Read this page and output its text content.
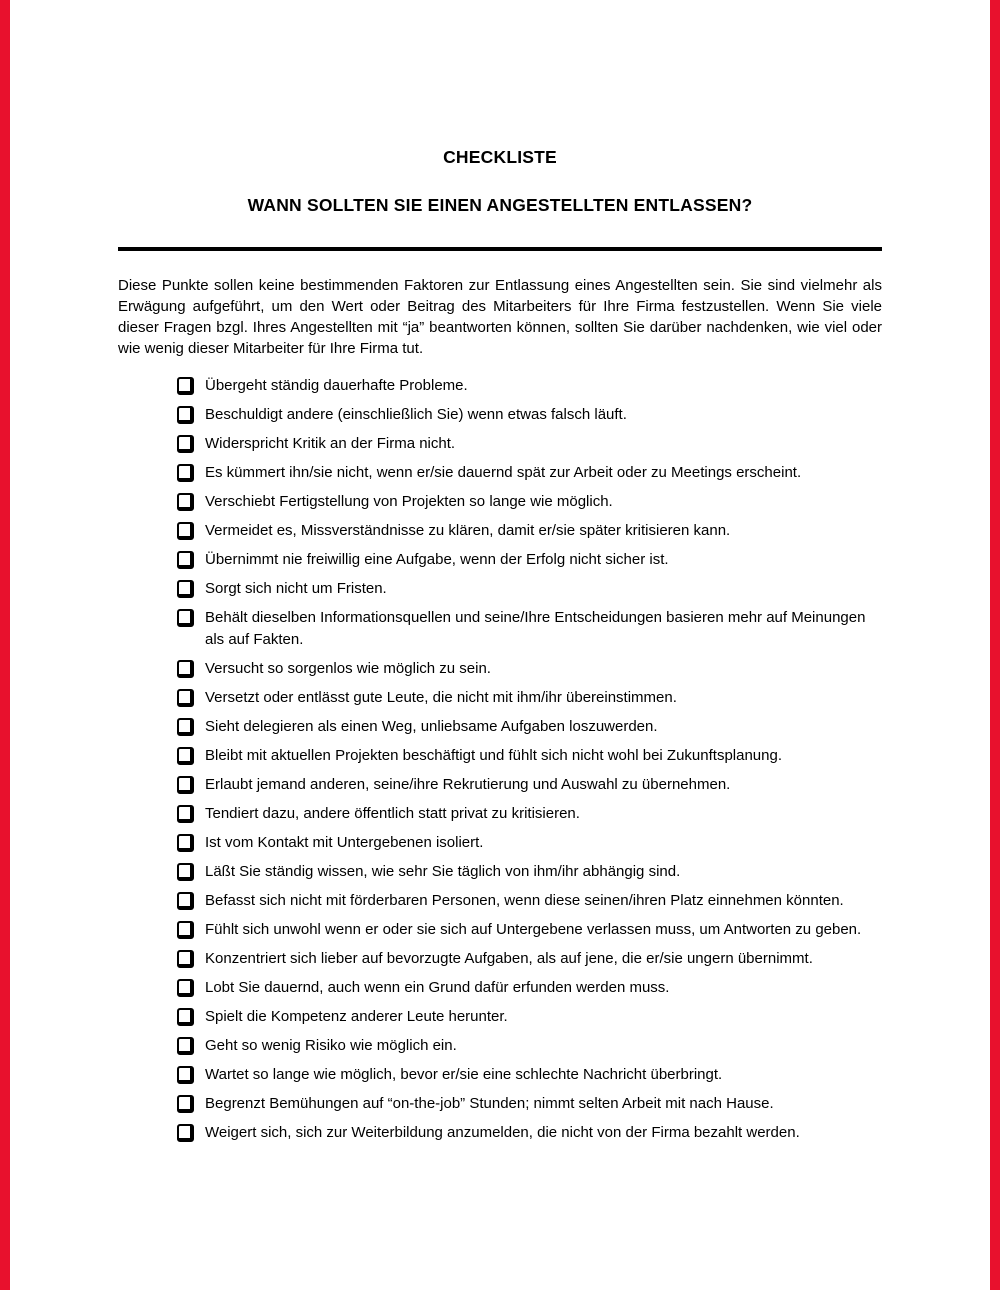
CHECKLISTE
WANN SOLLTEN SIE EINEN ANGESTELLTEN ENTLASSEN?

Diese Punkte sollen keine bestimmenden Faktoren zur Entlassung eines Angestellten sein. Sie sind vielmehr als Erwägung aufgeführt, um den Wert oder Beitrag des Mitarbeiters für Ihre Firma festzustellen. Wenn Sie viele dieser Fragen bzgl. Ihres Angestellten mit “ja” beantworten können, sollten Sie darüber nachdenken, wie viel oder wie wenig dieser Mitarbeiter für Ihre Firma tut.

Übergeht ständig dauerhafte Probleme.
Beschuldigt andere (einschließlich Sie) wenn etwas falsch läuft.
Widerspricht Kritik an der Firma nicht.
Es kümmert ihn/sie nicht, wenn er/sie dauernd spät zur Arbeit oder zu Meetings erscheint.
Verschiebt Fertigstellung von Projekten so lange wie möglich.
Vermeidet es, Missverständnisse zu klären, damit er/sie später kritisieren kann.
Übernimmt nie freiwillig eine Aufgabe, wenn der Erfolg nicht sicher ist.
Sorgt sich nicht um Fristen.
Behält dieselben Informationsquellen und seine/Ihre Entscheidungen basieren mehr auf Meinungen als auf Fakten.
Versucht so sorgenlos wie möglich zu sein.
Versetzt oder entlässt gute Leute, die nicht mit ihm/ihr übereinstimmen.
Sieht delegieren als einen Weg, unliebsame Aufgaben loszuwerden.
Bleibt mit aktuellen Projekten beschäftigt und fühlt sich nicht wohl bei Zukunftsplanung.
Erlaubt jemand anderen, seine/ihre Rekrutierung und Auswahl zu übernehmen.
Tendiert dazu, andere öffentlich statt privat zu kritisieren.
Ist vom Kontakt mit Untergebenen isoliert.
Läßt Sie ständig wissen, wie sehr Sie täglich von ihm/ihr abhängig sind.
Befasst sich nicht mit förderbaren Personen, wenn diese seinen/ihren Platz einnehmen könnten.
Fühlt sich unwohl wenn er oder sie sich auf Untergebene verlassen muss, um Antworten zu geben.
Konzentriert sich lieber auf bevorzugte Aufgaben, als auf jene, die er/sie ungern übernimmt.
Lobt Sie dauernd, auch wenn ein Grund dafür erfunden werden muss.
Spielt die Kompetenz anderer Leute herunter.
Geht so wenig Risiko wie möglich ein.
Wartet so lange wie möglich, bevor er/sie eine schlechte Nachricht überbringt.
Begrenzt Bemühungen auf “on-the-job” Stunden; nimmt selten Arbeit mit nach Hause.
Weigert sich, sich zur Weiterbildung anzumelden, die nicht von der Firma bezahlt werden.
